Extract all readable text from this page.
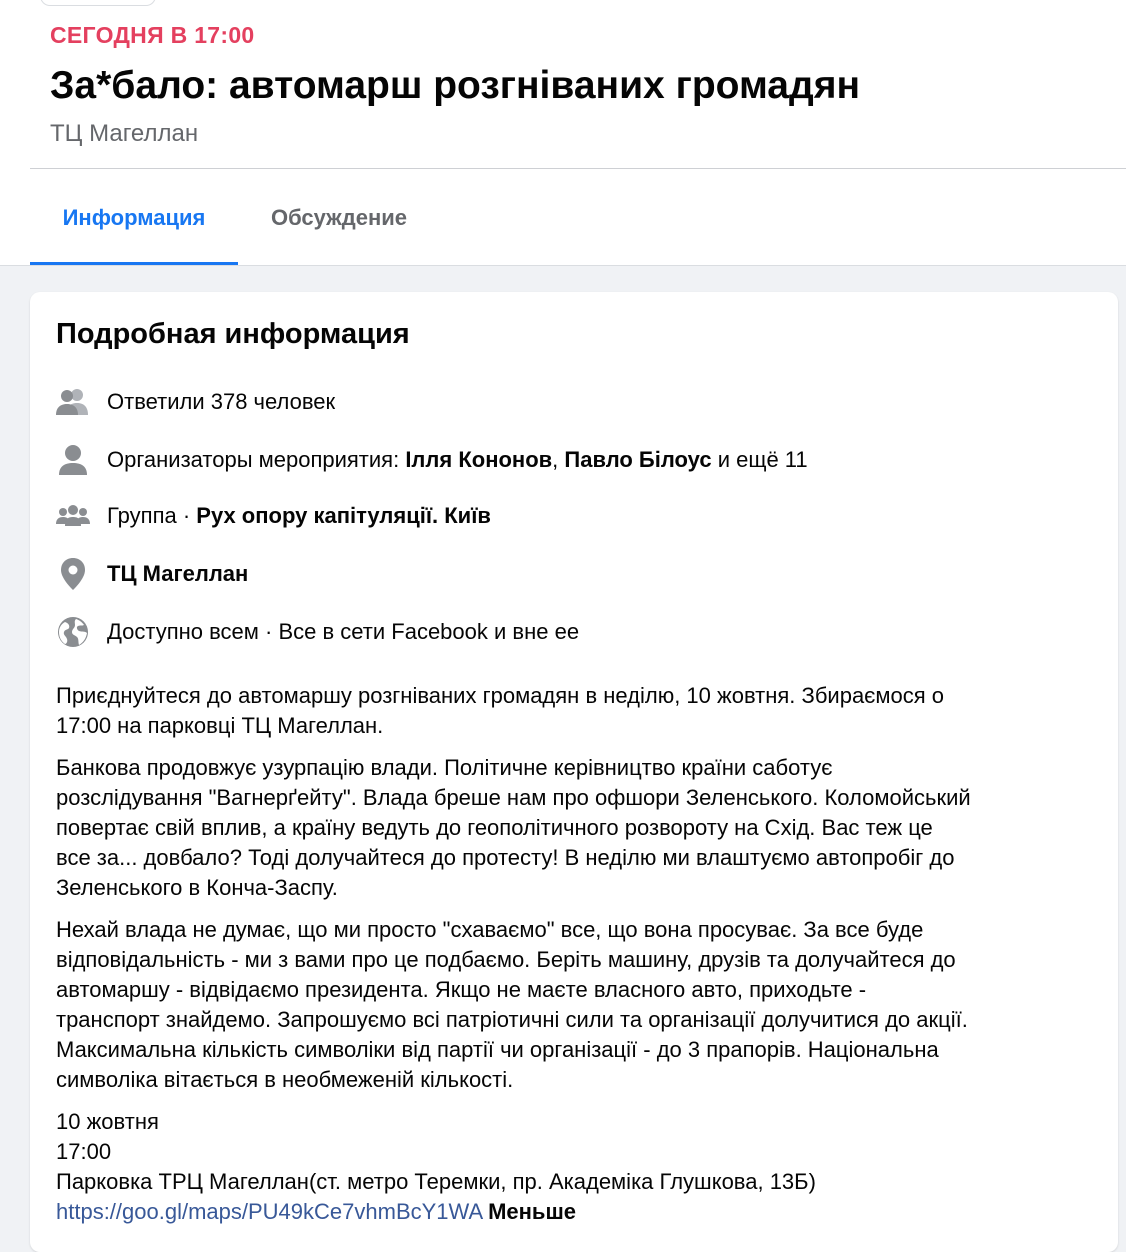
СЕГОДНЯ В 17:00
За*бало: автомарш розгніваних громадян
ТЦ Магеллан
Информация	Обсуждение
Подробная информация
Ответили 378 человек
Организаторы мероприятия: Ілля Кононов, Павло Білоус и ещё 11
Группа · Рух опору капітуляції. Київ
ТЦ Магеллан
Доступно всем · Все в сети Facebook и вне ее
Приєднуйтеся до автомаршу розгніваних громадян в неділю, 10 жовтня. Збираємося о
17:00 на парковці ТЦ Магеллан.
Банкова продовжує узурпацію влади. Політичне керівництво країни саботує
розслідування "Вагнерґейту". Влада бреше нам про офшори Зеленського. Коломойський
повертає свій вплив, а країну ведуть до геополітичного розвороту на Схід. Вас теж це
все за... довбало? Тоді долучайтеся до протесту! В неділю ми влаштуємо автопробіг до
Зеленського в Конча-Заспу.
Нехай влада не думає, що ми просто "схаваємо" все, що вона просуває. За все буде
відповідальність - ми з вами про це подбаємо. Беріть машину, друзів та долучайтеся до
автомаршу - відвідаємо президента. Якщо не маєте власного авто, приходьте -
транспорт знайдемо. Запрошуємо всі патріотичні сили та організації долучитися до акції.
Максимальна кількість символіки від партії чи організації - до 3 прапорів. Національна
символіка вітається в необмеженій кількості.
10 жовтня
17:00
Парковка ТРЦ Магеллан(ст. метро Теремки, пр. Академіка Глушкова, 13Б)
https://goo.gl/maps/PU49kCe7vhmBcY1WA Меньше
